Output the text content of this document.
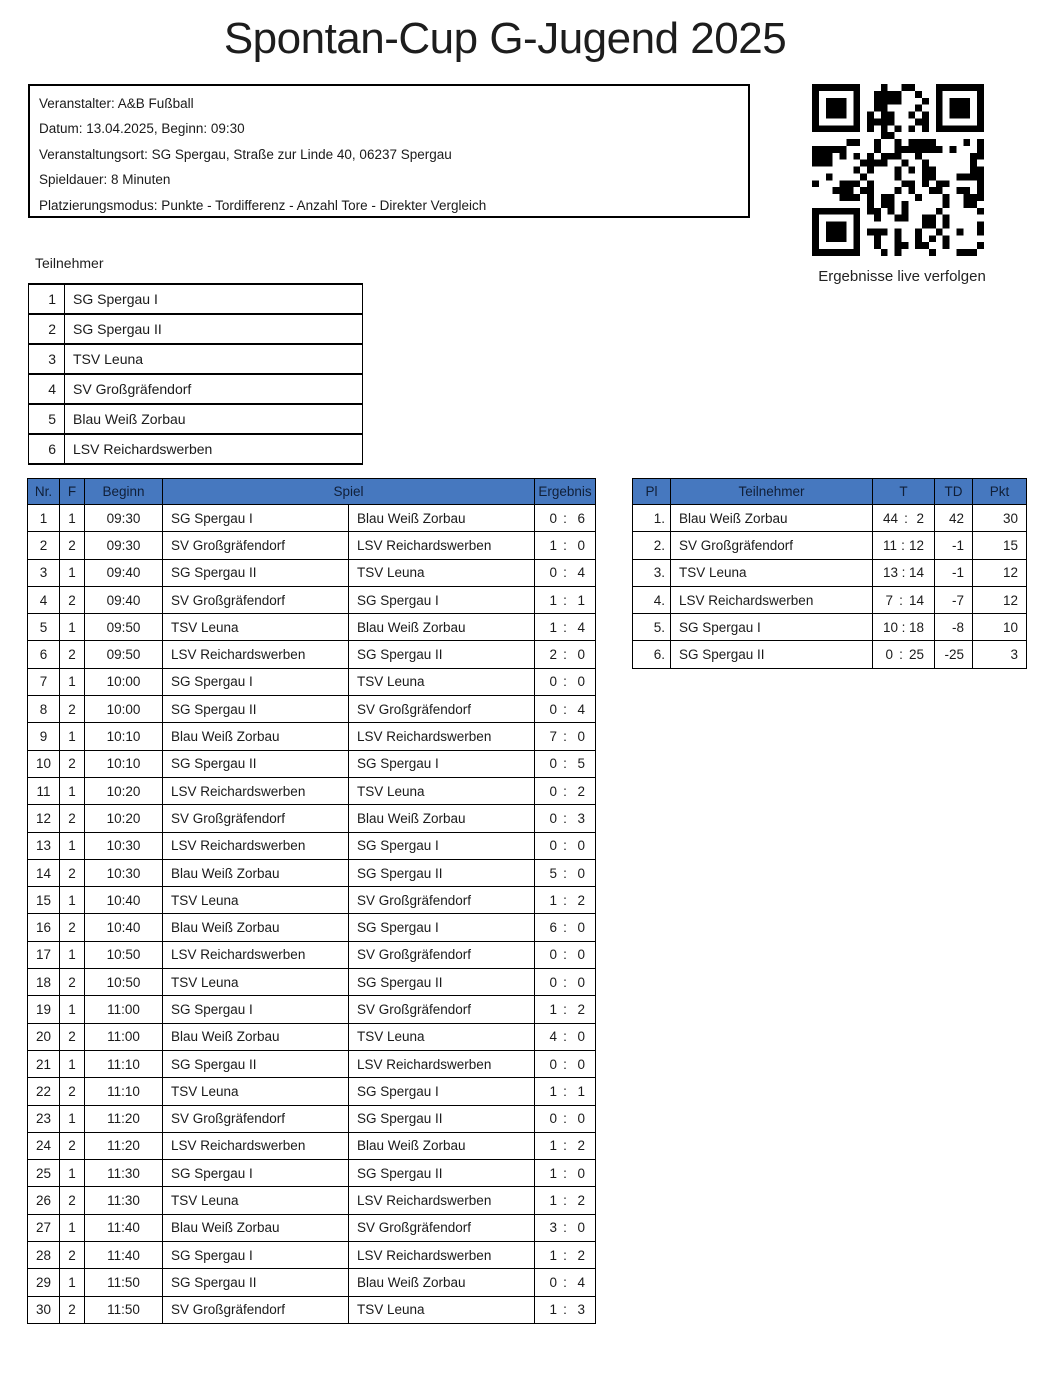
Spontan-Cup G-Jugend 2025
Veranstalter: A&B Fußball
Datum: 13.04.2025, Beginn: 09:30
Veranstaltungsort: SG Spergau, Straße zur Linde 40, 06237 Spergau
Spieldauer: 8 Minuten
Platzierungsmodus: Punkte - Tordifferenz - Anzahl Tore - Direkter Vergleich
Ergebnisse live verfolgen
Teilnehmer
1	SG Spergau I
2	SG Spergau II
3	TSV Leuna
4	SV Großgräfendorf
5	Blau Weiß Zorbau
6	LSV Reichardswerben
Nr.	F	Beginn	Spiel		Ergebnis
1	1	09:30	SG Spergau I	Blau Weiß Zorbau	0 : 6

2	2	09:30	SV Großgräfendorf	LSV Reichardswerben	1 : 0

3	1	09:40	SG Spergau II	TSV Leuna	0 : 4

4	2	09:40	SV Großgräfendorf	SG Spergau I	1 : 1

5	1	09:50	TSV Leuna	Blau Weiß Zorbau	1 : 4

6	2	09:50	LSV Reichardswerben	SG Spergau II	2 : 0

7	1	10:00	SG Spergau I	TSV Leuna	0 : 0

8	2	10:00	SG Spergau II	SV Großgräfendorf	0 : 4

9	1	10:10	Blau Weiß Zorbau	LSV Reichardswerben	7 : 0

10	2	10:10	SG Spergau II	SG Spergau I	0 : 5

11	1	10:20	LSV Reichardswerben	TSV Leuna	0 : 2

12	2	10:20	SV Großgräfendorf	Blau Weiß Zorbau	0 : 3

13	1	10:30	LSV Reichardswerben	SG Spergau I	0 : 0

14	2	10:30	Blau Weiß Zorbau	SG Spergau II	5 : 0

15	1	10:40	TSV Leuna	SV Großgräfendorf	1 : 2

16	2	10:40	Blau Weiß Zorbau	SG Spergau I	6 : 0

17	1	10:50	LSV Reichardswerben	SV Großgräfendorf	0 : 0

18	2	10:50	TSV Leuna	SG Spergau II	0 : 0

19	1	11:00	SG Spergau I	SV Großgräfendorf	1 : 2

20	2	11:00	Blau Weiß Zorbau	TSV Leuna	4 : 0

21	1	11:10	SG Spergau II	LSV Reichardswerben	0 : 0

22	2	11:10	TSV Leuna	SG Spergau I	1 : 1

23	1	11:20	SV Großgräfendorf	SG Spergau II	0 : 0

24	2	11:20	LSV Reichardswerben	Blau Weiß Zorbau	1 : 2

25	1	11:30	SG Spergau I	SG Spergau II	1 : 0

26	2	11:30	TSV Leuna	LSV Reichardswerben	1 : 2

27	1	11:40	Blau Weiß Zorbau	SV Großgräfendorf	3 : 0

28	2	11:40	SG Spergau I	LSV Reichardswerben	1 : 2

29	1	11:50	SG Spergau II	Blau Weiß Zorbau	0 : 4

30	2	11:50	SV Großgräfendorf	TSV Leuna	1 : 3
Pl	Teilnehmer	T	TD	Pkt
1.	Blau Weiß Zorbau	44 : 2	42	30
2.	SV Großgräfendorf	11 : 12	-1	15
3.	TSV Leuna	13 : 14	-1	12
4.	LSV Reichardswerben	7 : 14	-7	12
5.	SG Spergau I	10 : 18	-8	10
6.	SG Spergau II	0 : 25	-25	3
